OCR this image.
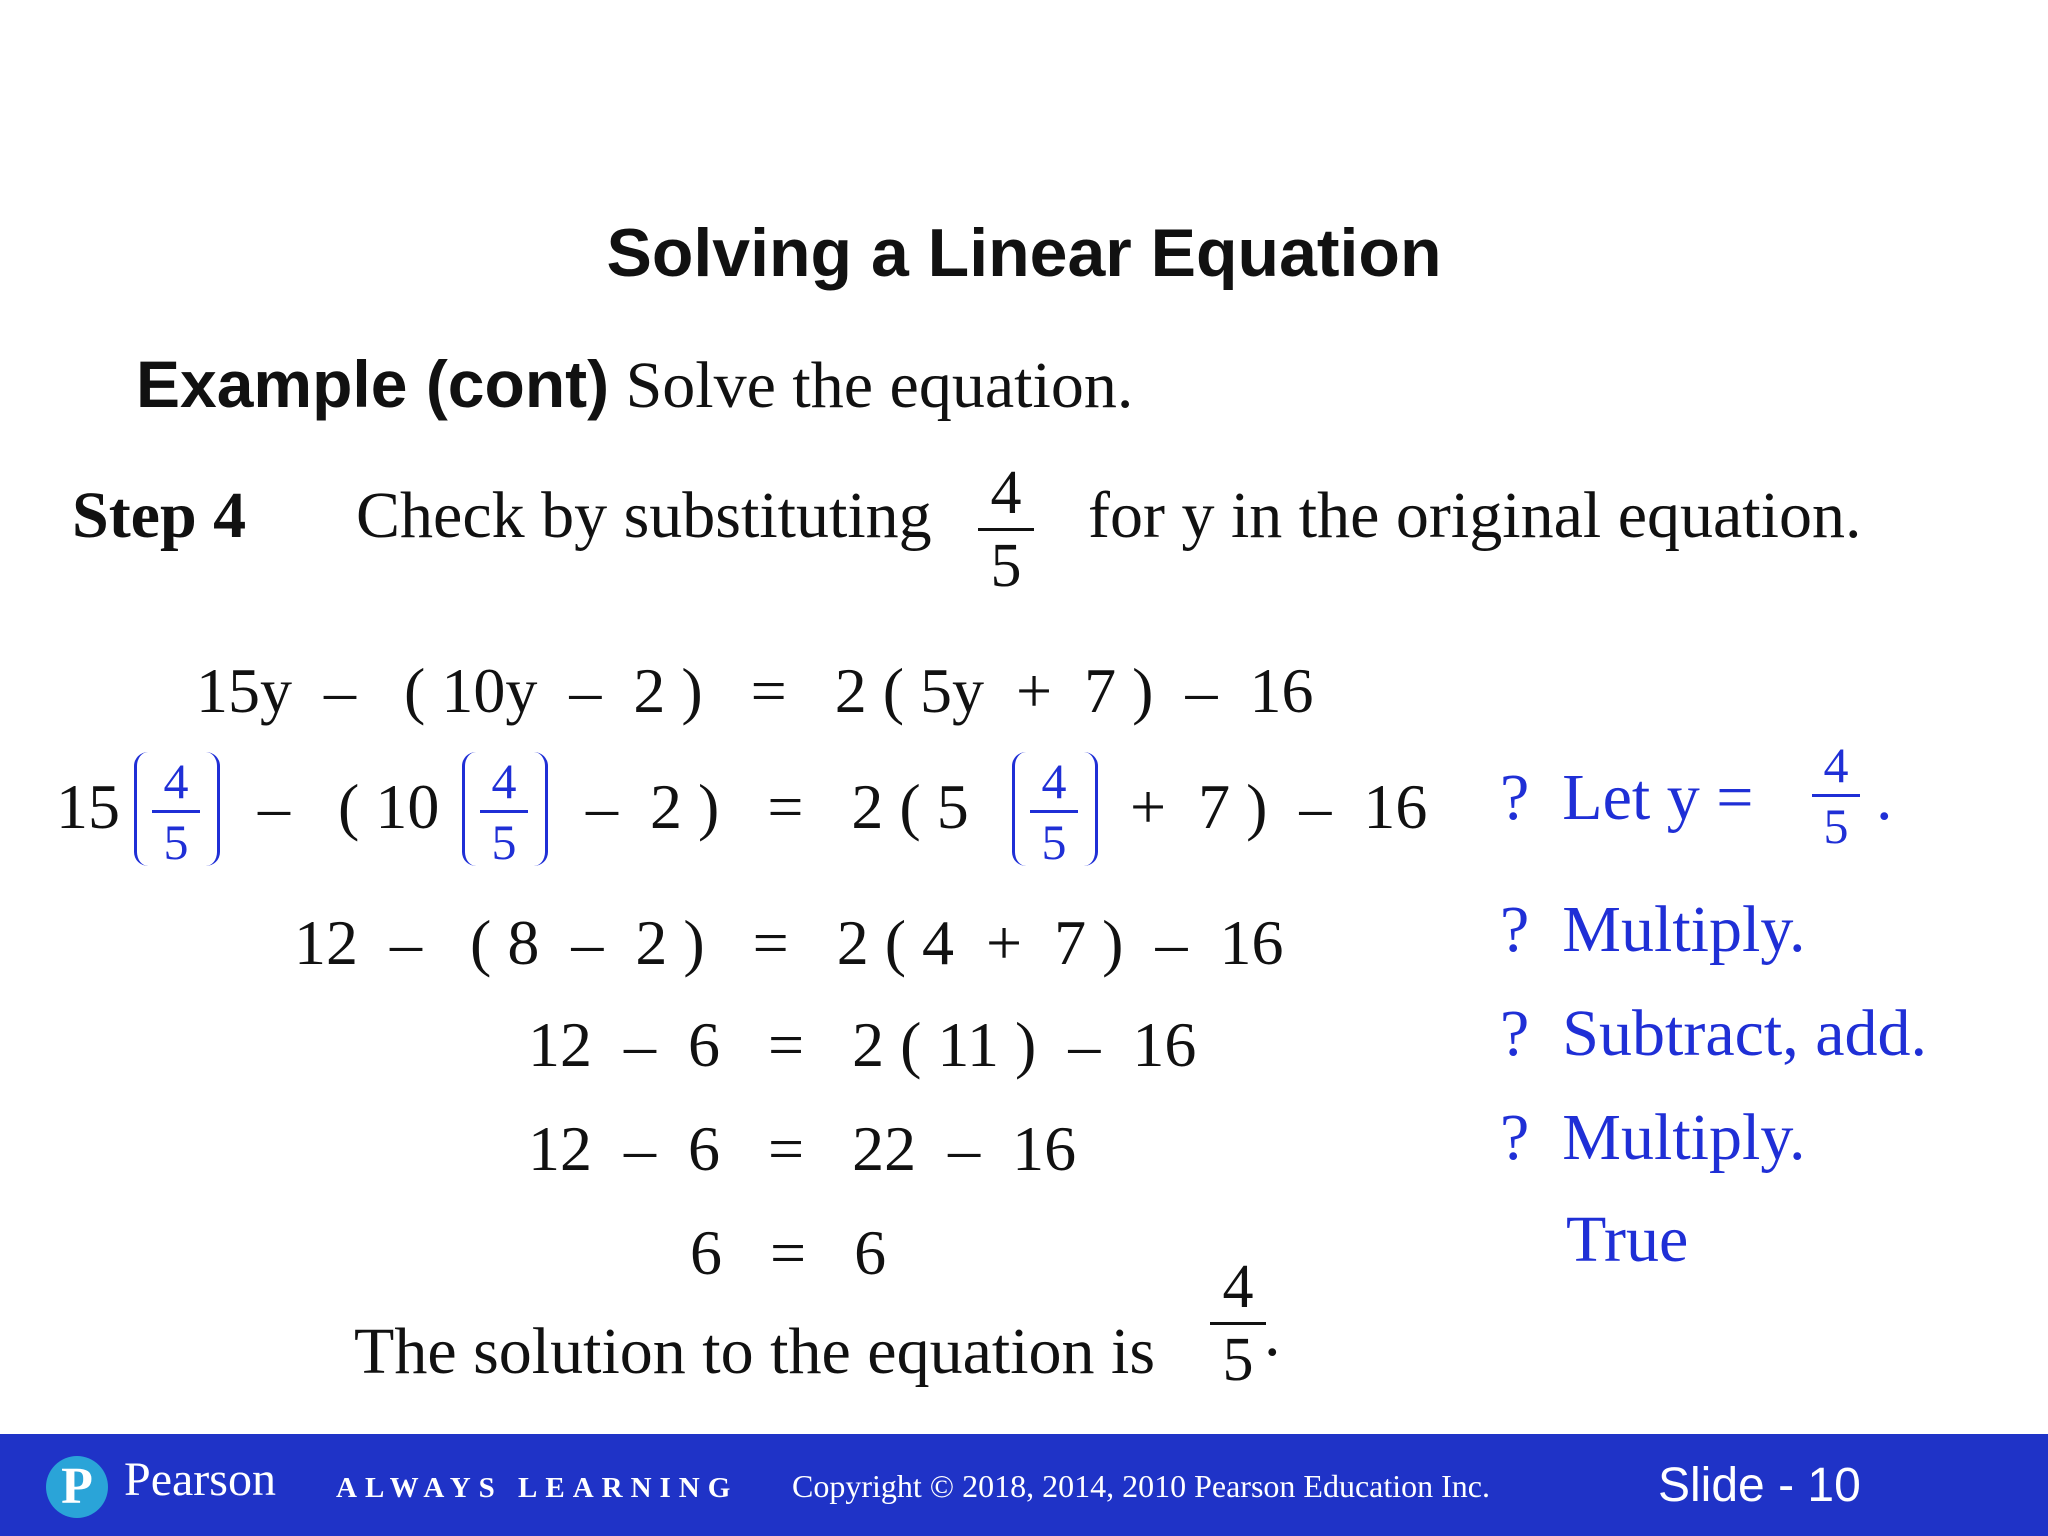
Solving a Linear Equation
Example (cont) Solve the equation.
Step 4 Check by substituting 4
5
for y in the original equation.
15y  –   ( 10y  –  2 )   =   2 ( 5y  +  7 )  –  16
15 4
5 –   ( 10 4
5 –  2 )   =   2 ( 5 4
5 +  7 )  –  16
12  –   ( 8  –  2 )   =   2 ( 4  +  7 )  –  16
12  –  6   =   2 ( 11 )  –  16
12  –  6   =   22  –  16
6   =   6
?  Let y = 4
5 .
?  Multiply.
?  Subtract, add.
?  Multiply.
True
The solution to the equation is
4
5 .
P Pearson ALWAYS LEARNING Copyright © 2018, 2014, 2010 Pearson Education Inc.	Slide - 10
